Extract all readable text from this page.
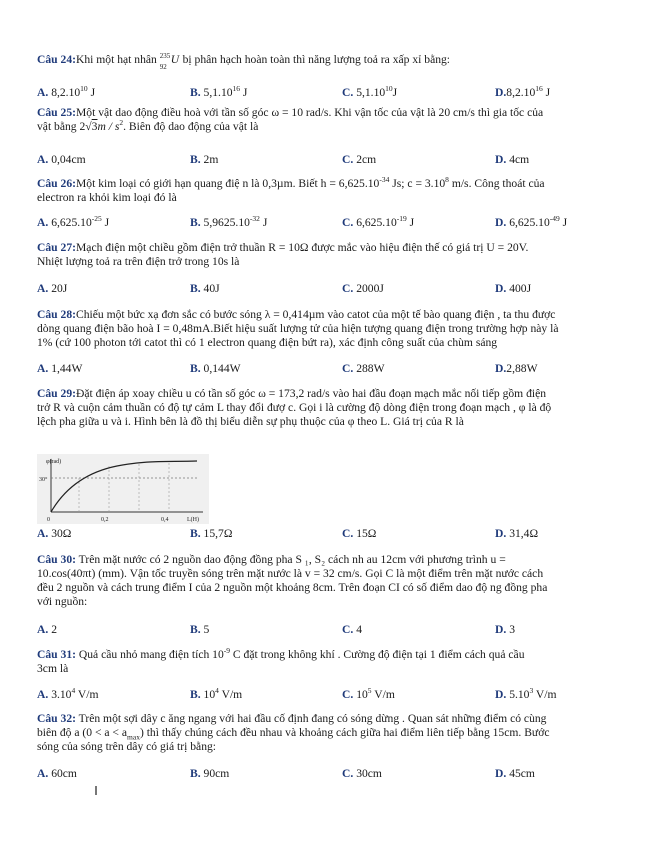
Câu 24:Khi một hạt nhân 235
92
U bị phân hạch hoàn toàn thì năng lượng toả ra xấp xỉ bằng:
A. 8,2.10$^{10}$ J	B. 5,1.10$^{16}$ J	C. 5,1.10$^{10}$J	D.8,2.10$^{16}$ J
Câu 25:Một vật dao động điều hoà với tần số góc ω = 10 rad/s. Khi vận tốc của vật là 20 cm/s thì gia tốc của
vật bằng $2√3m / s^2$. Biên độ dao động của vật là
A. 0,04cm	B. 2m	C. 2cm	D. 4cm
Câu 26:Một kim loại có giới hạn quang điệ n là 0,3µm. Biết $h = 6,625.10^{-34}$ Js; $c = 3.10^8$ m/s. Công thoát của
electron ra khỏi kim loại đó là
A. $6,625.10^{-25}$ J	B. $5,9625.10^{-32}$ J	C. $6,625.10^{-19}$ J	D. $6,625.10^{-49}$ J
Câu 27:Mạch điện một chiều gồm điện trở thuần R = 10Ω được mắc vào hiệu điện thế có giá trị U = 20V.
Nhiệt lượng toả ra trên điện trở trong 10s là
A. 20J	B. 40J	C. 2000J	D. 400J
Câu 28:Chiếu một bức xạ đơn sắc có bước sóng λ = 0,414µm vào catot của một tế bào quang điện , ta thu được
dòng quang điện bão hoà I = 0,48mA.Biết hiệu suất lượng tử của hiện tượng quang điện trong trường hợp này là
1% (cứ 100 photon tới catot thì có 1 electron quang điện bứt ra), xác định công suất của chùm sáng
A. 1,44W	B. 0,144W	C. 288W	D.2,88W
Câu 29:Đặt điện áp xoay chiều u có tần số góc ω = 173,2 rad/s vào hai đầu đoạn mạch mắc nối tiếp gồm điện
trở R và cuộn cảm thuần có độ tự cảm L thay đổi đượ c. Gọi i là cường độ dòng điện trong đoạn mạch , φ là độ
lệch pha giữa u và i. Hình bên là đồ thị biểu diễn sự phụ thuộc của φ theo L. Giá trị của R là
φ(rad)
30°
0	0,2	0,4	L(H)
A. 30Ω	B. 15,7Ω	C. 15Ω	D. 31,4Ω
Câu 30: Trên mặt nước có 2 nguồn dao động đồng pha S ₁, S₂ cách nh au 12cm với phương trình u =
10.cos(40πt) (mm). Vận tốc truyền sóng trên mặt nước là v = 32 cm/s. Gọi C là một điểm trên mặt nước cách
đều 2 nguồn và cách trung điểm I của 2 nguồn một khoảng 8cm. Trên đoạn CI có số điểm dao độ ng đồng pha
với nguồn:
A. 2	B. 5	C. 4	D. 3
Câu 31: Quả cầu nhỏ mang điện tích $10^{-9}$ C đặt trong không khí . Cường độ điện tại 1 điểm cách quả cầu
3cm là
A. 3.10$^4$ V/m	B. $10^4$ V/m	C. $10^5$ V/m	D. 5.10$^3$ V/m
Câu 32: Trên một sợi dây c ăng ngang với hai đầu cố định đang có sóng dừng . Quan sát những điểm có cùng
biên độ a $(0 < a < a_{max})$ thì thấy chúng cách đều nhau và khoảng cách giữa hai điểm liên tiếp bằng 15cm. Bước
sóng của sóng trên dây có giá trị bằng:
A. 60cm	B. 90cm	C. 30cm	D. 45cm
